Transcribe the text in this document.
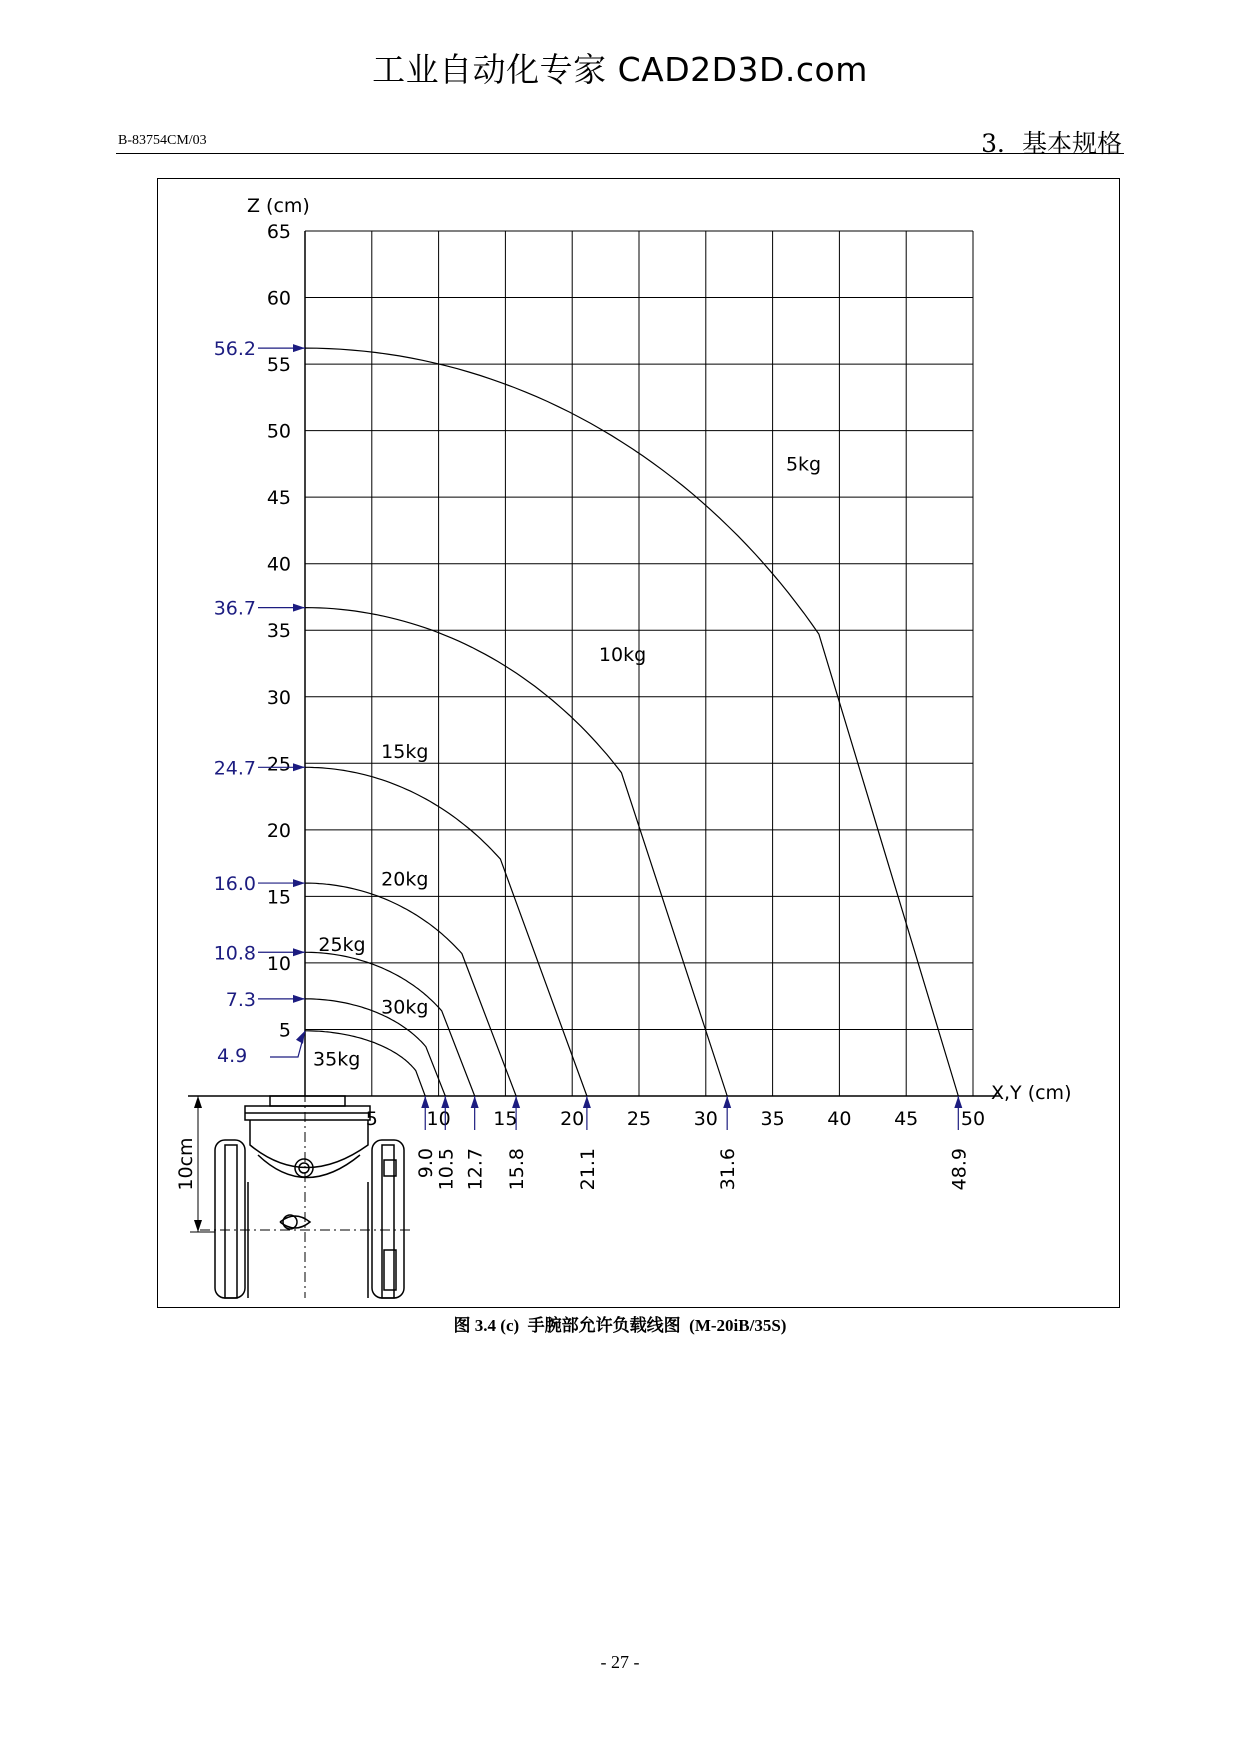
工业自动化专家 CAD2D3D.com
B-83754CM/03	3．基本规格
10cm
5
10
15
20
25
30
35
40
45
50
55
60
65
5	10 15 20 25 30 35 40 45 50
Z (cm)
X,Y (cm)
5kg
10kg
15kg
20kg
25kg
30kg
35kg
56.2
36.7
24.7
16.0
10.8
7.3
4.9
48.9
31.6
21.1
15.8
12.7
10.5
9.0
图 3.4 (c)  手腕部允许负载线图  (M-20iB/35S)
- 27 -
